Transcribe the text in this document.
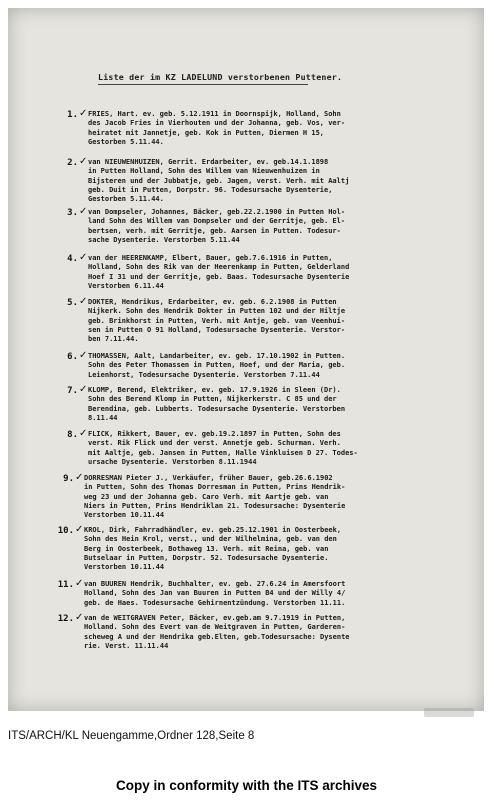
Liste der im KZ LADELUND verstorbenen Puttener.
1. ✓ FRIES, Hart. ev. geb. 5.12.1911 in Doornspijk, Holland, Sohn
des Jacob Fries in Vierhouten und der Johanna, geb. Vos, ver-
heiratet mit Jannetje, geb. Kok in Putten, Diermen H 15,
Gestorben 5.11.44.
2. ✓ van NIEUWENHUIZEN, Gerrit. Erdarbeiter, ev. geb.14.1.1898
in Putten Holland, Sohn des Willem van Nieuwenhuizen in
Bijsteren und der Jubbatje, geb. Jagen, verst. Verh. mit Aaltj
geb. Duit in Putten, Dorpstr. 96. Todesursache Dysenterie,
Gestorben 5.11.44.
3. ✓ van Dompseler, Johannes, Bäcker, geb.22.2.1900 in Putten Hol-
land Sohn des Willem van Dompseler und der Gerritje, geb. El-
bertsen, verh. mit Gerritje, geb. Aarsen in Putten. Todesur-
sache Dysenterie. Verstorben 5.11.44
4. ✓ van der HEERENKAMP, Elbert, Bauer, geb.7.6.1916 in Putten,
Holland, Sohn des Rik van der Heerenkamp in Putten, Gelderland
Hoef I 31 und der Gerritje, geb. Baas. Todesursache Dysenterie
Verstorben 6.11.44
5. ✓ DOKTER, Hendrikus, Erdarbeiter, ev. geb. 6.2.1908 in Putten
Nijkerk. Sohn des Hendrik Dokter in Putten 102 und der Hiltje
geb. Brinkhorst in Putten, Verh. mit Antje, geb. van Veenhui-
sen in Putten O 91 Holland, Todesursache Dysenterie. Verstor-
ben 7.11.44.
6. ✓ THOMASSEN, Aalt, Landarbeiter, ev. geb. 17.10.1902 in Putten.
Sohn des Peter Thomassen in Putten, Hoef, und der Maria, geb.
Leienhorst, Todesursache Dysenterie. Verstorben 7.11.44
7. ✓ KLOMP, Berend, Elektriker, ev. geb. 17.9.1926 in Sleen (Dr).
Sohn des Berend Klomp in Putten, Nijkerkerstr. C 85 und der
Berendina, geb. Lubberts. Todesursache Dysenterie. Verstorben
8.11.44
8. ✓ FLICK, Rikkert, Bauer, ev. geb.19.2.1897 in Putten, Sohn des
verst. Rik Flick und der verst. Annetje geb. Schurman. Verh.
mit Aaltje, geb. Jansen in Putten, Halle Vinkluisen D 27. Todes-
ursache Dysenterie. Verstorben 8.11.1944
9. ✓ DORRESMAN Pieter J., Verkäufer, früher Bauer, geb.26.6.1902
in Putten, Sohn des Thomas Dorresman in Putten, Prins Hendrik-
weg 23 und der Johanna geb. Caro Verh. mit Aartje geb. van
Niers in Putten, Prins Hendriklan 21. Todesursache: Dysenterie
Verstorben 10.11.44
10. ✓ KROL, Dirk, Fahrradhändler, ev. geb.25.12.1901 in Oosterbeek,
Sohn des Hein Krol, verst., und der Wilhelmina, geb. van den
Berg in Oosterbeek, Bothaweg 13. Verh. mit Reina, geb. van
Butselaar in Putten, Dorpstr. 52. Todesursache Dysenterie.
Verstorben 10.11.44
11. ✓ van BUUREN Hendrik, Buchhalter, ev. geb. 27.6.24 in Amersfoort
Holland, Sohn des Jan van Buuren in Putten B4 und der Willy 4/
geb. de Haes. Todesursache Gehirnentzündung. Verstorben 11.11.
12. ✓ van de WEITGRAVEN Peter, Bäcker, ev.geb.am 9.7.1919 in Putten,
Holland. Sohn des Evert van de Weitgraven in Putten, Garderen-
scheweg A und der Hendrika geb.Elten, geb.Todesursache: Dysente
rie. Verst. 11.11.44
ITS/ARCH/KL Neuengamme,Ordner 128,Seite 8
Copy in conformity with the ITS archives
